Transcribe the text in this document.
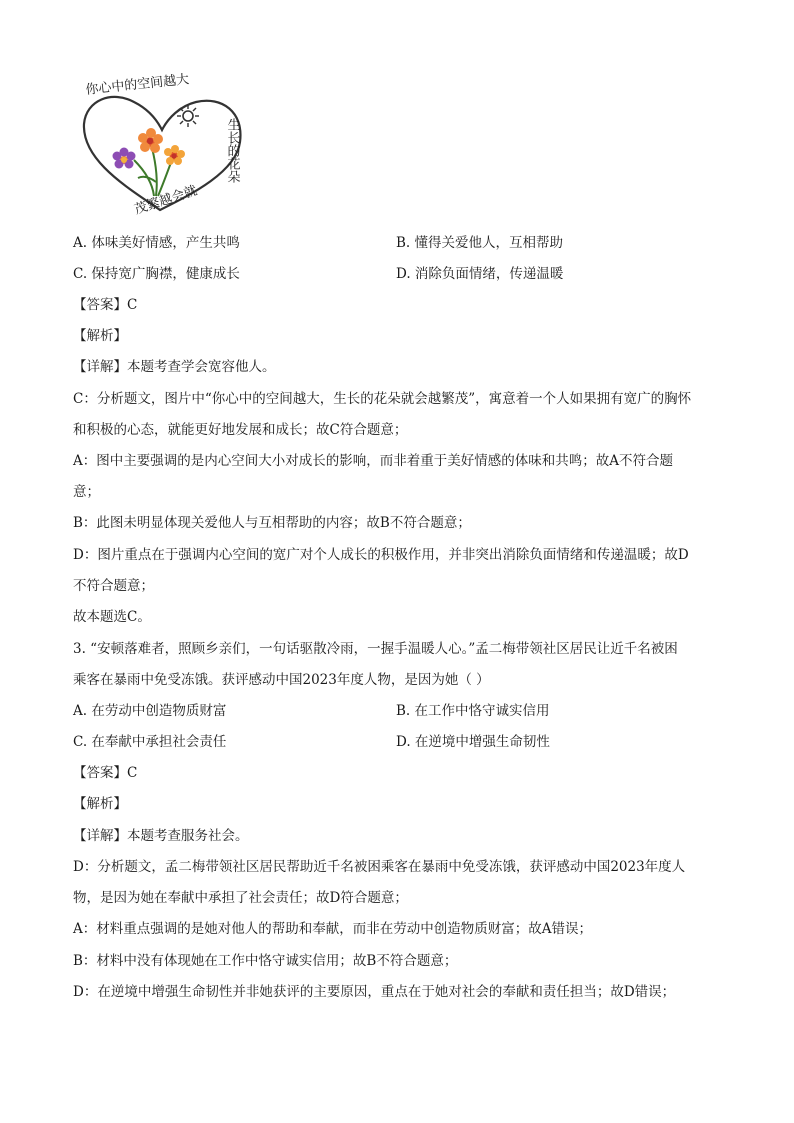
你心中的空间越大
生长的花朵
茂繁越会就
A. 体味美好情感，产生共鸣	B. 懂得关爱他人，互相帮助
C. 保持宽广胸襟，健康成长	D. 消除负面情绪，传递温暖
【答案】C
【解析】
【详解】本题考查学会宽容他人。
C：分析题文，图片中“你心中的空间越大，生长的花朵就会越繁茂”，寓意着一个人如果拥有宽广的胸怀
和积极的心态，就能更好地发展和成长；故C符合题意；
A：图中主要强调的是内心空间大小对成长的影响，而非着重于美好情感的体味和共鸣；故A不符合题
意；
B：此图未明显体现关爱他人与互相帮助的内容；故B不符合题意；
D：图片重点在于强调内心空间的宽广对个人成长的积极作用，并非突出消除负面情绪和传递温暖；故D
不符合题意；
故本题选C。
3. “安顿落难者，照顾乡亲们，一句话驱散冷雨，一握手温暖人心。”孟二梅带领社区居民让近千名被困
乘客在暴雨中免受冻饿。获评感动中国2023年度人物，是因为她（ ）
A. 在劳动中创造物质财富	B. 在工作中恪守诚实信用
C. 在奉献中承担社会责任	D. 在逆境中增强生命韧性
【答案】C
【解析】
【详解】本题考查服务社会。
D：分析题文，孟二梅带领社区居民帮助近千名被困乘客在暴雨中免受冻饿，获评感动中国2023年度人
物，是因为她在奉献中承担了社会责任；故D符合题意；
A：材料重点强调的是她对他人的帮助和奉献，而非在劳动中创造物质财富；故A错误；
B：材料中没有体现她在工作中恪守诚实信用；故B不符合题意；
D：在逆境中增强生命韧性并非她获评的主要原因，重点在于她对社会的奉献和责任担当；故D错误；
